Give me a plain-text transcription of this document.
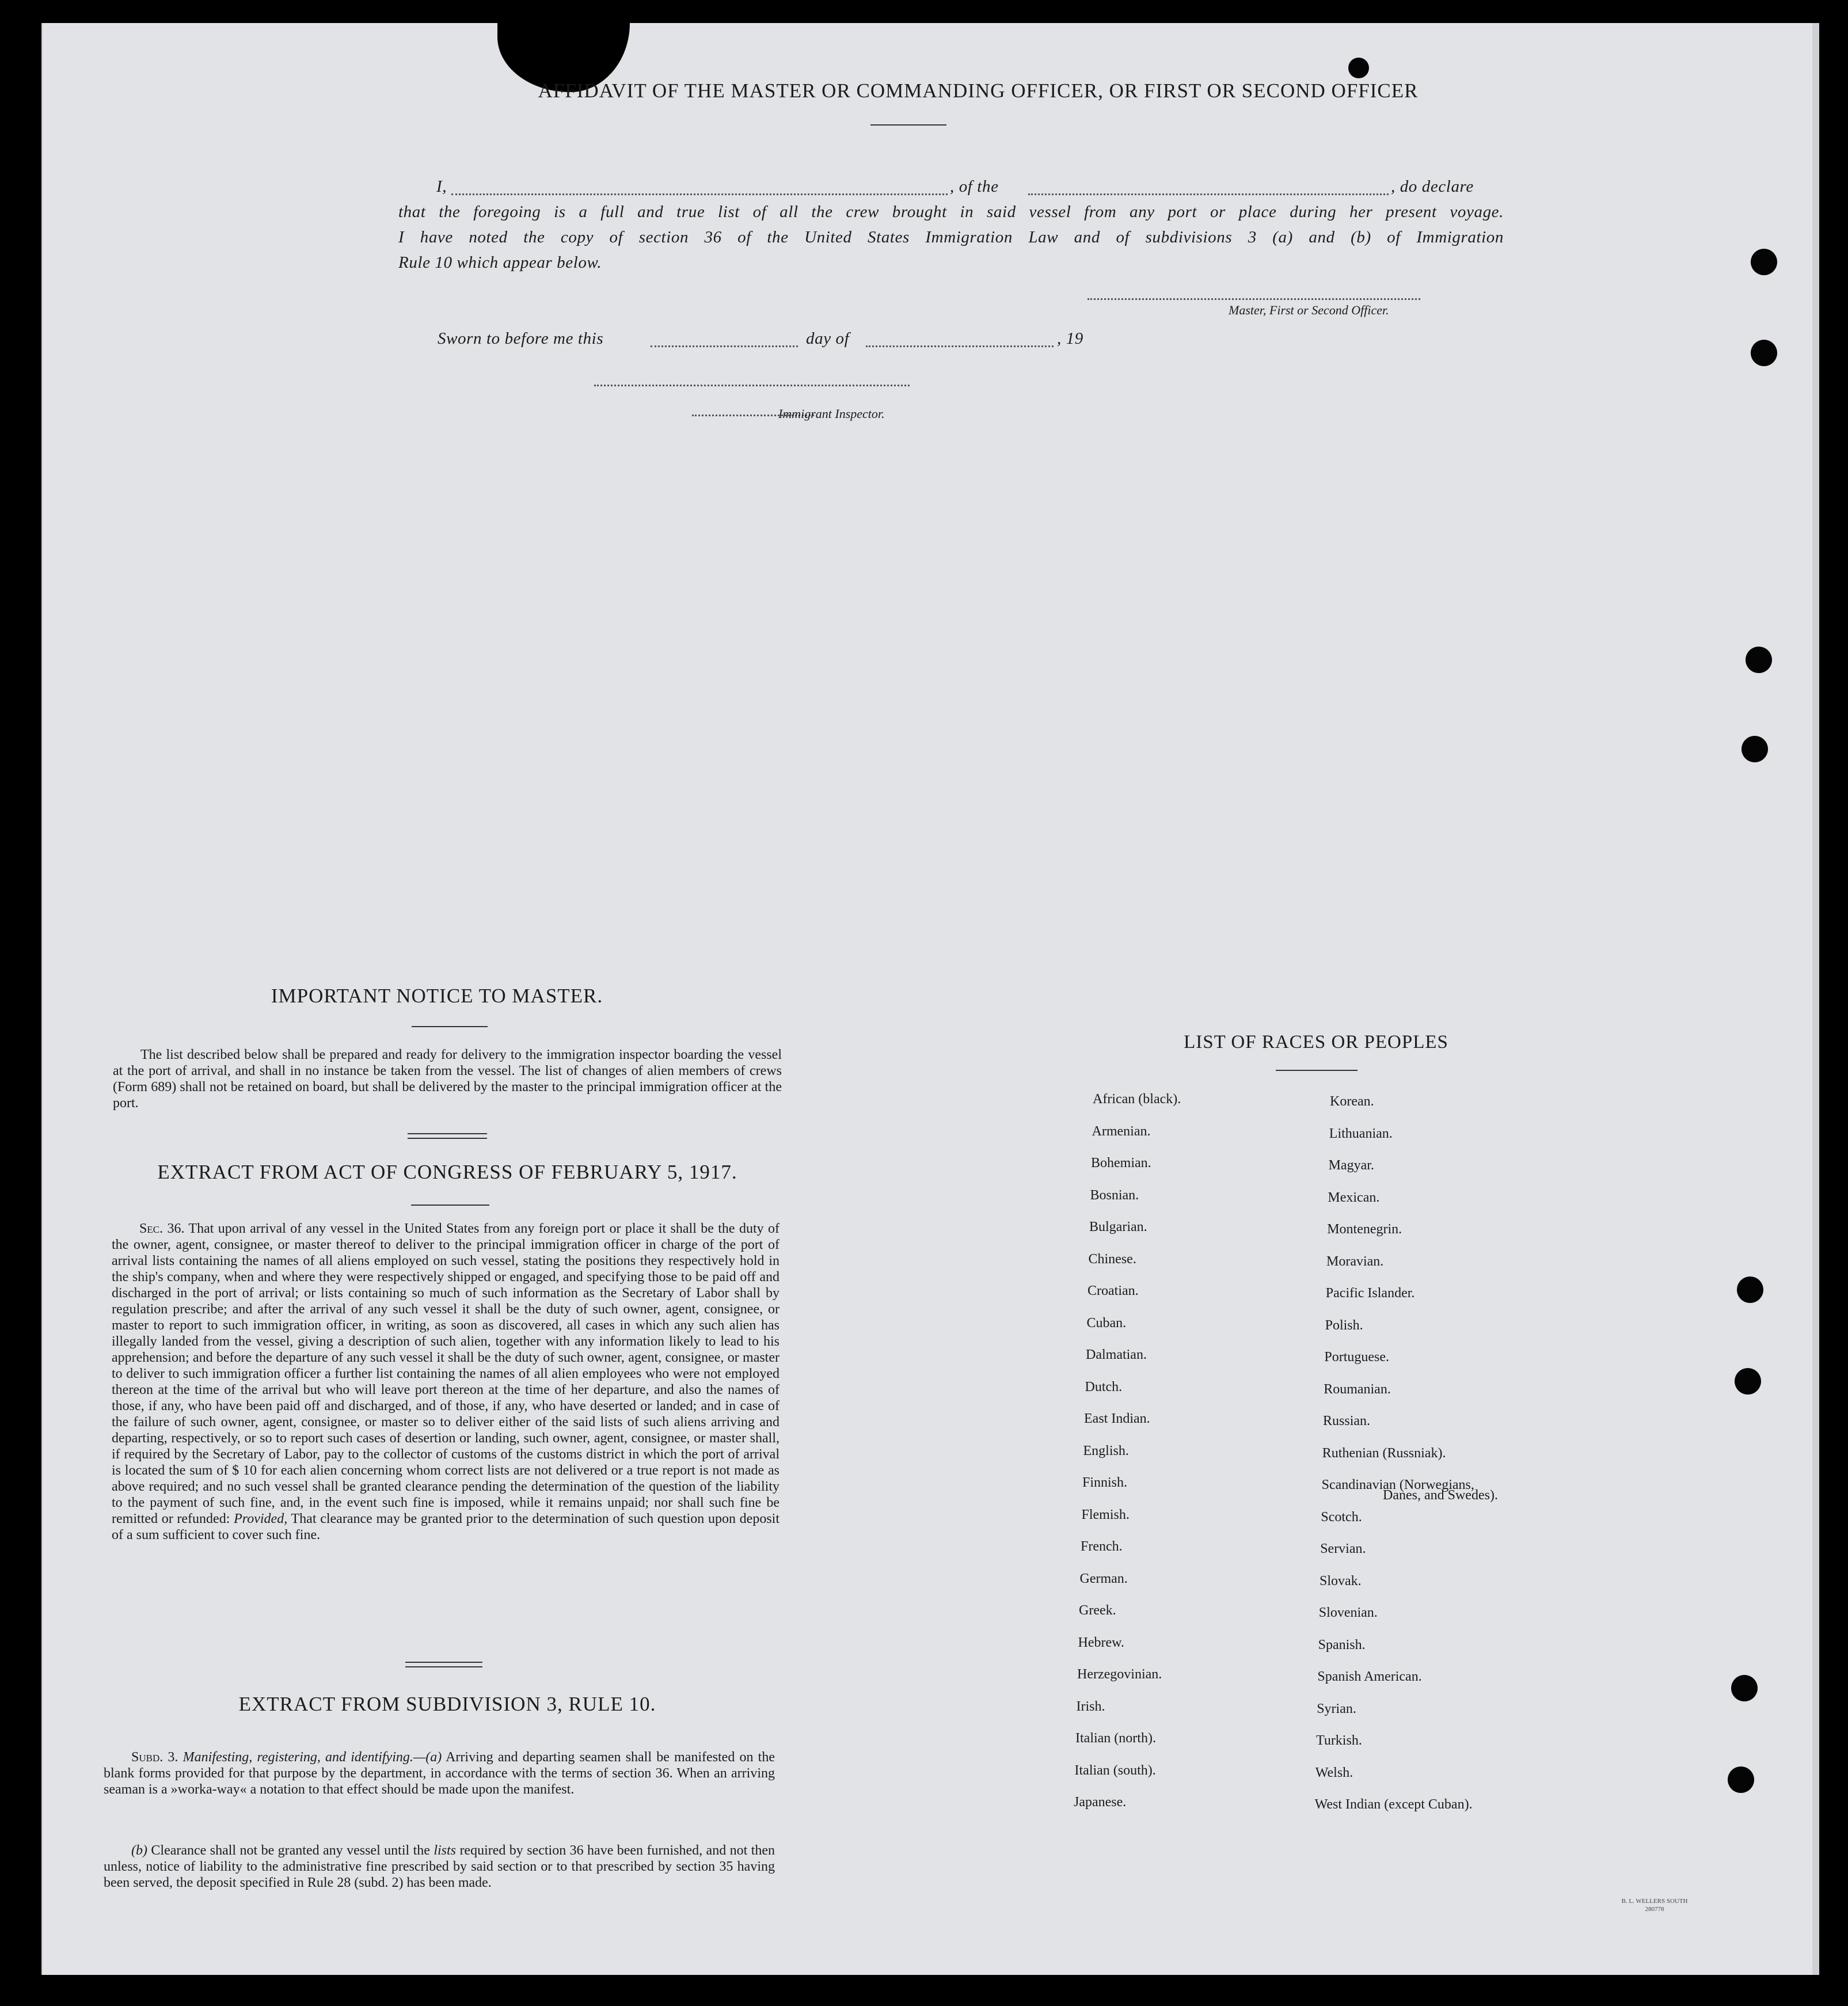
AFFIDAVIT OF THE MASTER OR COMMANDING OFFICER, OR FIRST OR SECOND OFFICER
I,	, of the	, do declare
that the foregoing is a full and true list of all the crew brought in said vessel from any port or place during her present voyage.
I have noted the copy of section 36 of the United States Immigration Law and of subdivisions 3 (a) and (b) of Immigration
Rule 10 which appear below.
Master, First or Second Officer.
Sworn to before me this	day of	, 19
Immigrant Inspector.
IMPORTANT NOTICE TO MASTER.
The list described below shall be prepared and ready for delivery to the immigration inspector boarding the vessel at the port of arrival, and shall in no instance be taken from the vessel. The list of changes of alien members of crews (Form 689) shall not be retained on board, but shall be delivered by the master to the principal immigration officer at the port.
EXTRACT FROM ACT OF CONGRESS OF FEBRUARY 5, 1917.
Sec. 36. That upon arrival of any vessel in the United States from any foreign port or place it shall be the duty of the owner, agent, consignee, or master thereof to deliver to the principal immigration officer in charge of the port of arrival lists containing the names of all aliens employed on such vessel, stating the positions they respectively hold in the ship's company, when and where they were respectively shipped or engaged, and specifying those to be paid off and discharged in the port of arrival; or lists containing so much of such information as the Secretary of Labor shall by regulation prescribe; and after the arrival of any such vessel it shall be the duty of such owner, agent, consignee, or master to report to such immigration officer, in writing, as soon as discovered, all cases in which any such alien has illegally landed from the vessel, giving a description of such alien, together with any information likely to lead to his apprehension; and before the departure of any such vessel it shall be the duty of such owner, agent, consignee, or master to deliver to such immigration officer a further list containing the names of all alien employees who were not employed thereon at the time of the arrival but who will leave port thereon at the time of her departure, and also the names of those, if any, who have been paid off and discharged, and of those, if any, who have deserted or landed; and in case of the failure of such owner, agent, consignee, or master so to deliver either of the said lists of such aliens arriving and departing, respectively, or so to report such cases of desertion or landing, such owner, agent, consignee, or master shall, if required by the Secretary of Labor, pay to the collector of customs of the customs district in which the port of arrival is located the sum of $ 10 for each alien concerning whom correct lists are not delivered or a true report is not made as above required; and no such vessel shall be granted clearance pending the determination of the question of the liability to the payment of such fine, and, in the event such fine is imposed, while it remains unpaid; nor shall such fine be remitted or refunded: Provided, That clearance may be granted prior to the determination of such question upon deposit of a sum sufficient to cover such fine.
EXTRACT FROM SUBDIVISION 3, RULE 10.
Subd. 3. Manifesting, registering, and identifying.—(a) Arriving and departing seamen shall be manifested on the blank forms provided for that purpose by the department, in accordance with the terms of section 36. When an arriving seaman is a »worka-way« a notation to that effect should be made upon the manifest.
(b) Clearance shall not be granted any vessel until the lists required by section 36 have been furnished, and not then unless, notice of liability to the administrative fine prescribed by said section or to that prescribed by section 35 having been served, the deposit specified in Rule 28 (subd. 2) has been made.
LIST OF RACES OR PEOPLES
African (black).
Armenian.
Bohemian.
Bosnian.
Bulgarian.
Chinese.
Croatian.
Cuban.
Dalmatian.
Dutch.
East Indian.
English.
Finnish.
Flemish.
French.
German.
Greek.
Hebrew.
Herzegovinian.
Irish.
Italian (north).
Italian (south).
Japanese.
Korean.
Lithuanian.
Magyar.
Mexican.
Montenegrin.
Moravian.
Pacific Islander.
Polish.
Portuguese.
Roumanian.
Russian.
Ruthenian (Russniak).
Scandinavian (Norwegians,
Scotch.
Servian.
Slovak.
Slovenian.
Spanish.
Spanish American.
Syrian.
Turkish.
Welsh.
West Indian (except Cuban).
Danes, and Swedes).
B. L. WELLERS SOUTH
280778
